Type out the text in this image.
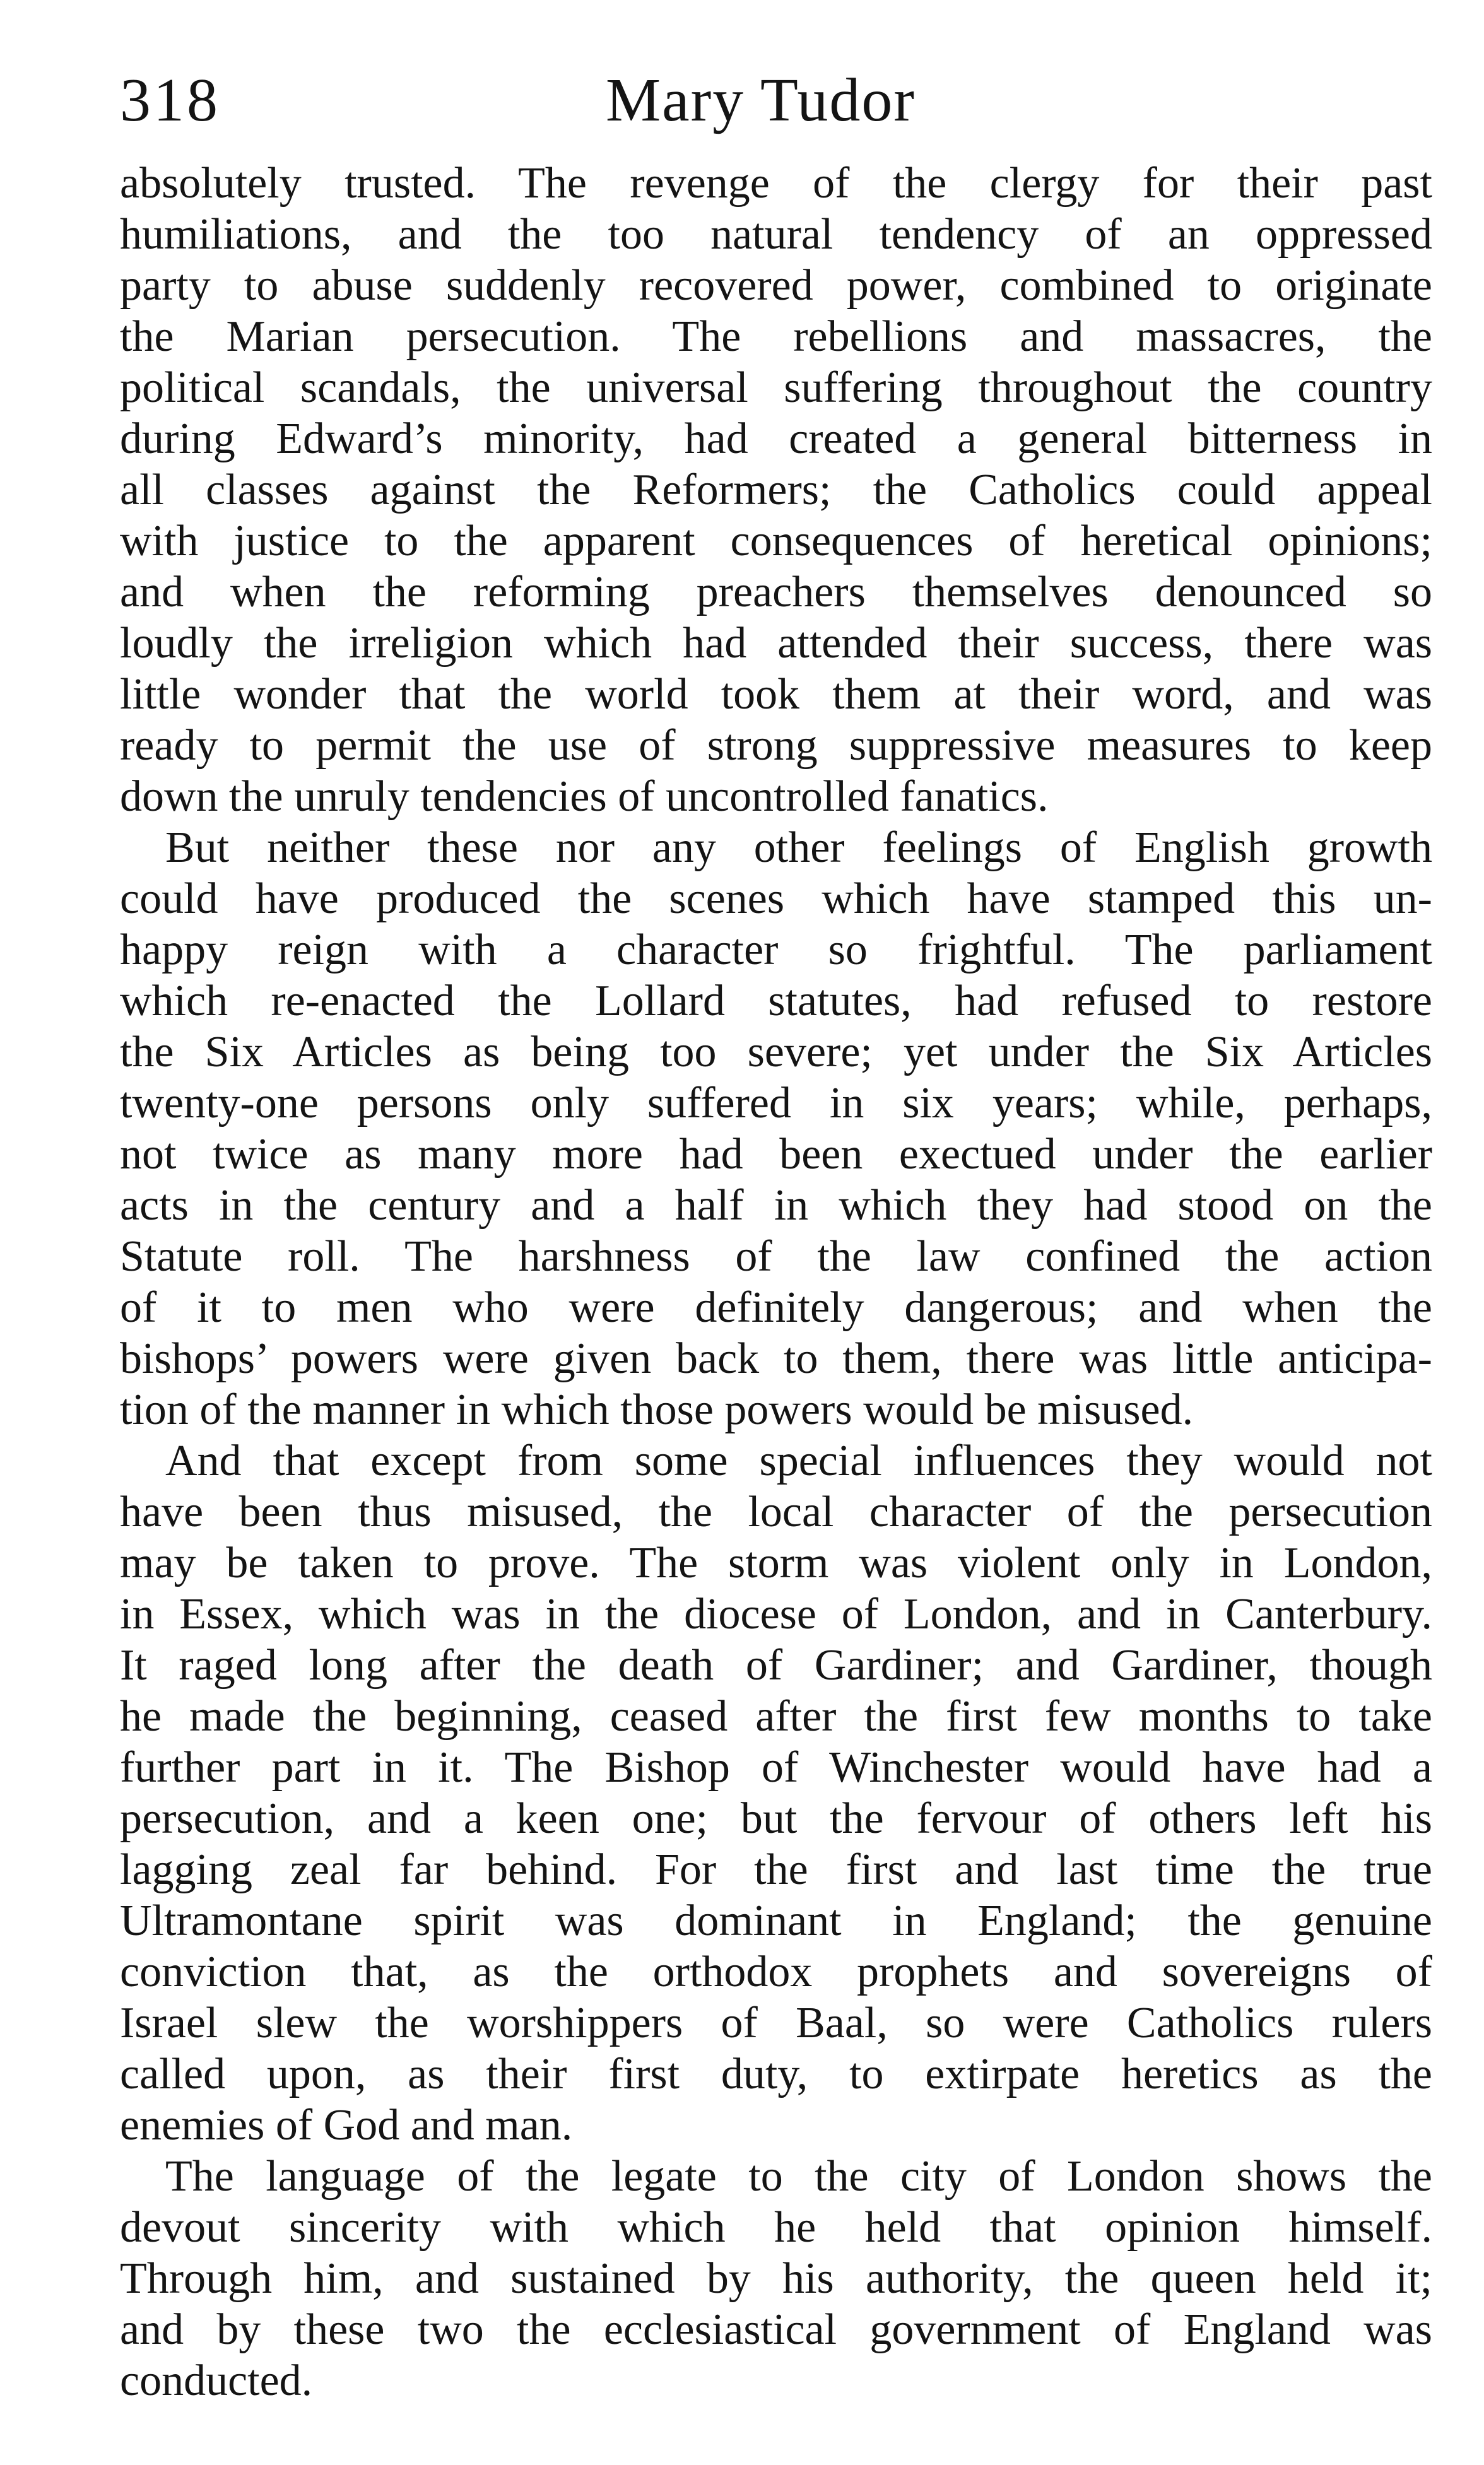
318	Mary Tudor
absolutely trusted. The revenge of the clergy for their past
humiliations, and the too natural tendency of an oppressed
party to abuse suddenly recovered power, combined to originate
the Marian persecution. The rebellions and massacres, the
political scandals, the universal suffering throughout the country
during Edward’s minority, had created a general bitterness in
all classes against the Reformers; the Catholics could appeal
with justice to the apparent consequences of heretical opinions;
and when the reforming preachers themselves denounced so
loudly the irreligion which had attended their success, there was
little wonder that the world took them at their word, and was
ready to permit the use of strong suppressive measures to keep
down the unruly tendencies of uncontrolled fanatics.
But neither these nor any other feelings of English growth
could have produced the scenes which have stamped this un-
happy reign with a character so frightful. The parliament
which re-enacted the Lollard statutes, had refused to restore
the Six Articles as being too severe; yet under the Six Articles
twenty-one persons only suffered in six years; while, perhaps,
not twice as many more had been exectued under the earlier
acts in the century and a half in which they had stood on the
Statute roll. The harshness of the law confined the action
of it to men who were definitely dangerous; and when the
bishops’ powers were given back to them, there was little anticipa-
tion of the manner in which those powers would be misused.
And that except from some special influences they would not
have been thus misused, the local character of the persecution
may be taken to prove. The storm was violent only in London,
in Essex, which was in the diocese of London, and in Canterbury.
It raged long after the death of Gardiner; and Gardiner, though
he made the beginning, ceased after the first few months to take
further part in it. The Bishop of Winchester would have had a
persecution, and a keen one; but the fervour of others left his
lagging zeal far behind. For the first and last time the true
Ultramontane spirit was dominant in England; the genuine
conviction that, as the orthodox prophets and sovereigns of
Israel slew the worshippers of Baal, so were Catholics rulers
called upon, as their first duty, to extirpate heretics as the
enemies of God and man.
The language of the legate to the city of London shows the
devout sincerity with which he held that opinion himself.
Through him, and sustained by his authority, the queen held it;
and by these two the ecclesiastical government of England was
conducted.
